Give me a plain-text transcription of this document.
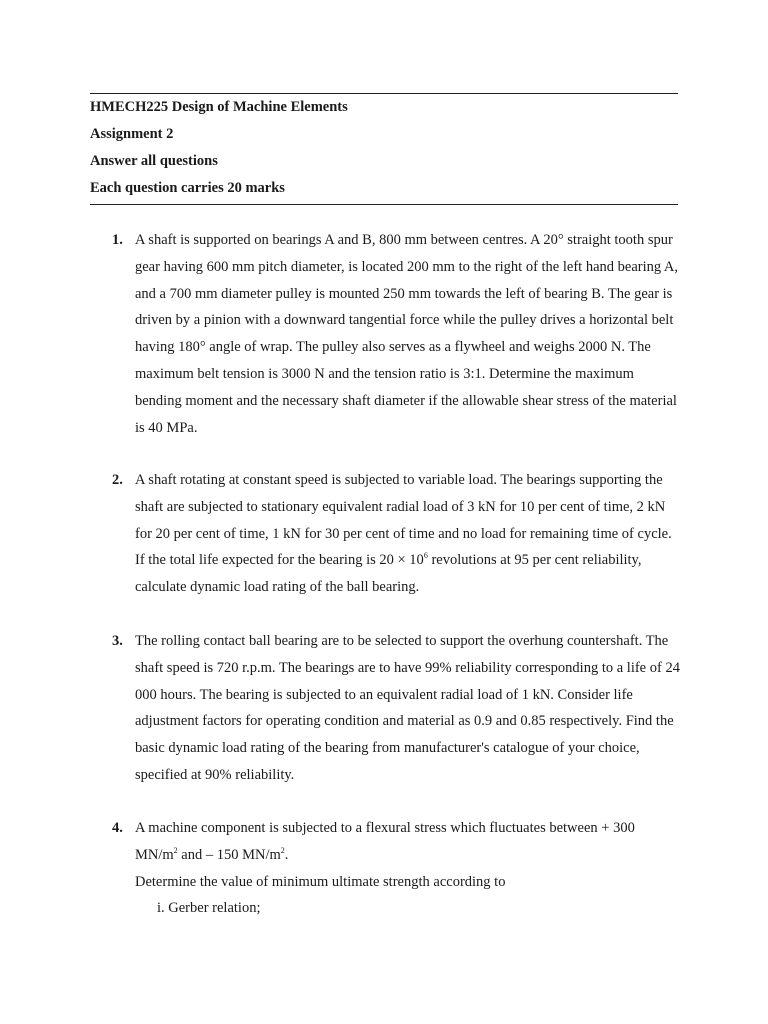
HMECH225 Design of Machine Elements
Assignment 2
Answer all questions
Each question carries 20 marks
1. A shaft is supported on bearings A and B, 800 mm between centres. A 20° straight tooth spur gear having 600 mm pitch diameter, is located 200 mm to the right of the left hand bearing A, and a 700 mm diameter pulley is mounted 250 mm towards the left of bearing B. The gear is driven by a pinion with a downward tangential force while the pulley drives a horizontal belt having 180° angle of wrap. The pulley also serves as a flywheel and weighs 2000 N. The maximum belt tension is 3000 N and the tension ratio is 3:1. Determine the maximum bending moment and the necessary shaft diameter if the allowable shear stress of the material is 40 MPa.
2. A shaft rotating at constant speed is subjected to variable load. The bearings supporting the shaft are subjected to stationary equivalent radial load of 3 kN for 10 per cent of time, 2 kN for 20 per cent of time, 1 kN for 30 per cent of time and no load for remaining time of cycle. If the total life expected for the bearing is $20 \times 10^6$ revolutions at 95 per cent reliability, calculate dynamic load rating of the ball bearing.
3. The rolling contact ball bearing are to be selected to support the overhung countershaft. The shaft speed is 720 r.p.m. The bearings are to have 99% reliability corresponding to a life of 24 000 hours. The bearing is subjected to an equivalent radial load of 1 kN. Consider life adjustment factors for operating condition and material as 0.9 and 0.85 respectively. Find the basic dynamic load rating of the bearing from manufacturer's catalogue of your choice, specified at 90% reliability.
4. A machine component is subjected to a flexural stress which fluctuates between + 300
$MN/m^2$ and – 150 $MN/m^2$.
Determine the value of minimum ultimate strength according to
i. Gerber relation;
